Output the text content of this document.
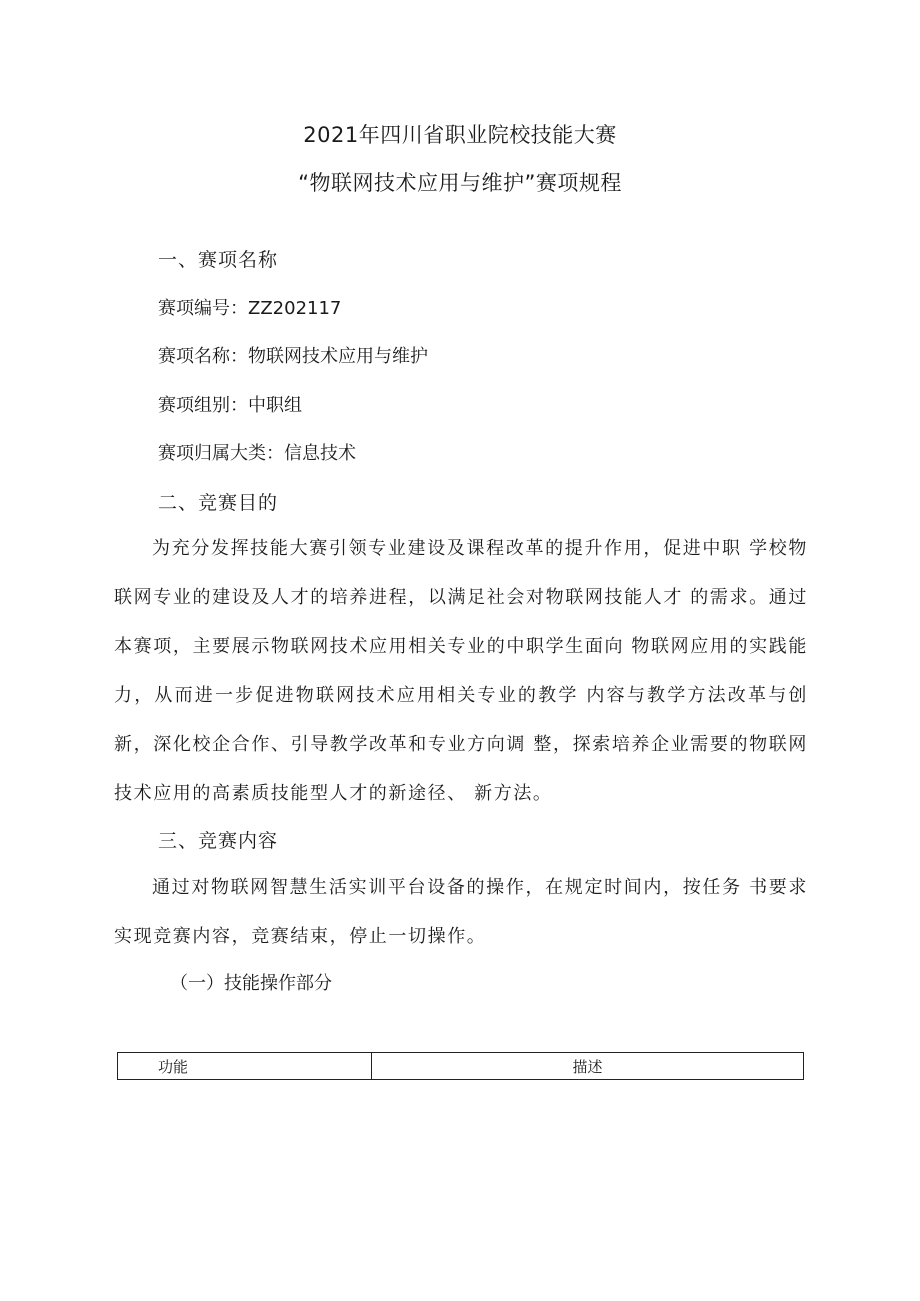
2021年四川省职业院校技能大赛
“物联网技术应用与维护”赛项规程
一、赛项名称
赛项编号：ZZ202117
赛项名称：物联网技术应用与维护
赛项组别：中职组
赛项归属大类：信息技术
二、竞赛目的

为充分发挥技能大赛引领专业建设及课程改革的提升作用，促进中职 学校物联网专业的建设及人才的培养进程，以满足社会对物联网技能人才 的需求。通过本赛项，主要展示物联网技术应用相关专业的中职学生面向 物联网应用的实践能力，从而进一步促进物联网技术应用相关专业的教学 内容与教学方法改革与创新，深化校企合作、引导教学改革和专业方向调 整，探索培养企业需要的物联网技术应用的高素质技能型人才的新途径、 新方法。

三、竞赛内容

通过对物联网智慧生活实训平台设备的操作，在规定时间内，按任务 书要求实现竞赛内容，竞赛结束，停止一切操作。

（一）技能操作部分
功能	描述
